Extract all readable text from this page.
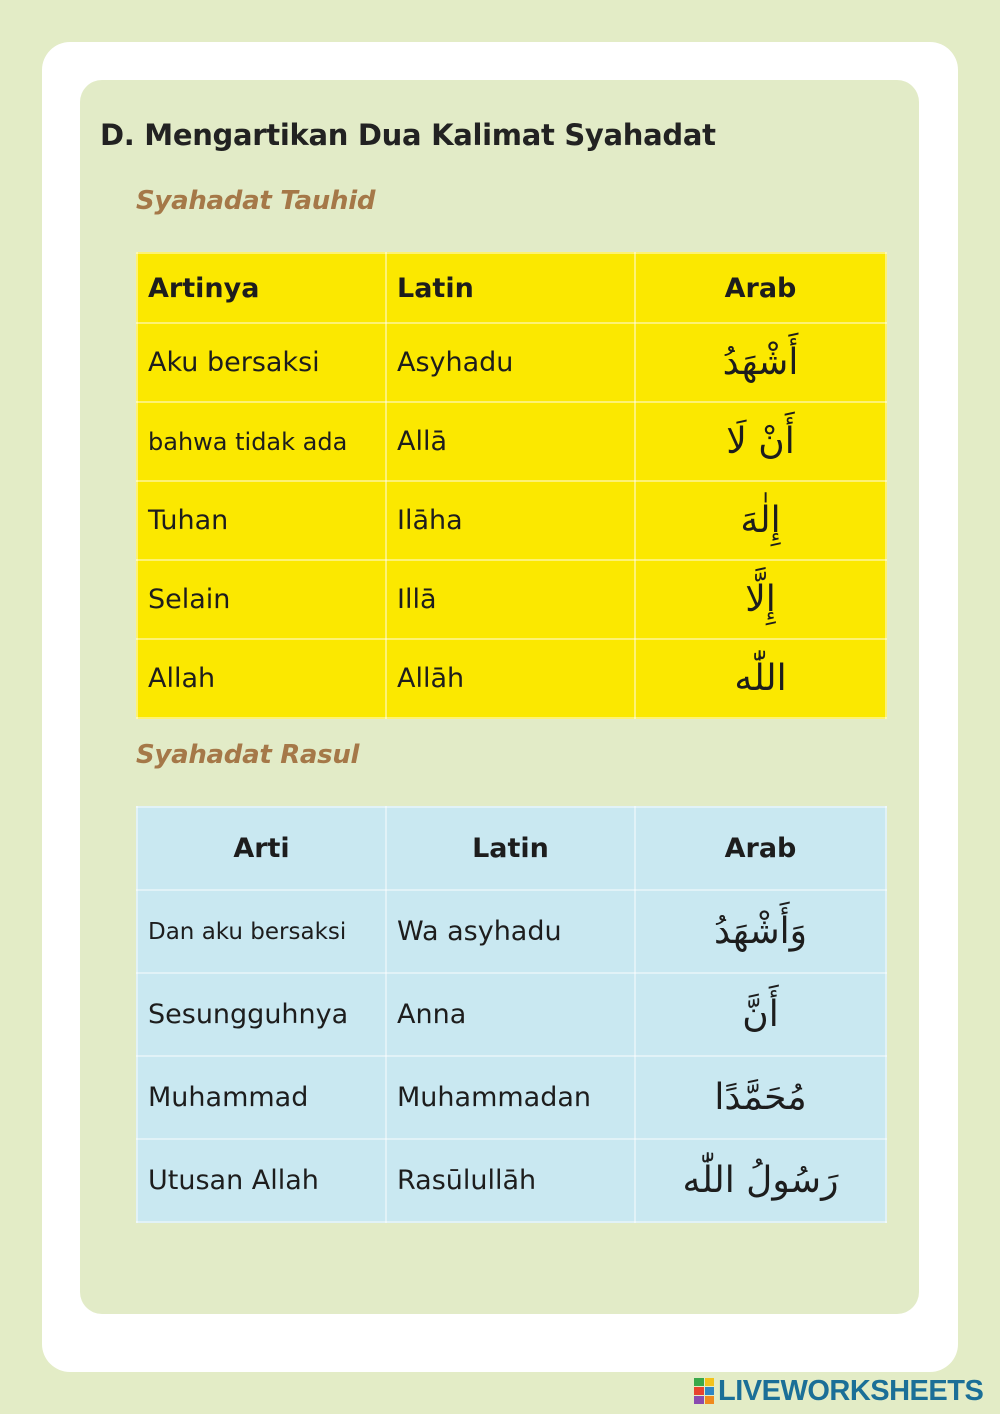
D. Mengartikan Dua Kalimat Syahadat
Syahadat Tauhid
Artinya	Latin	Arab
Aku bersaksi	Asyhadu	أَشْهَدُ
bahwa tidak ada	Allā	أَنْ لَا
Tuhan	Ilāha	إِلٰهَ
Selain	Illā	إِلَّا
Allah	Allāh	اللّٰه
Syahadat Rasul
Arti	Latin	Arab
Dan aku bersaksi	Wa asyhadu	وَأَشْهَدُ
Sesungguhnya	Anna	أَنَّ
Muhammad	Muhammadan	مُحَمَّدًا
Utusan Allah	Rasūlullāh	رَسُولُ اللّٰه
LIVEWORKSHEETS
